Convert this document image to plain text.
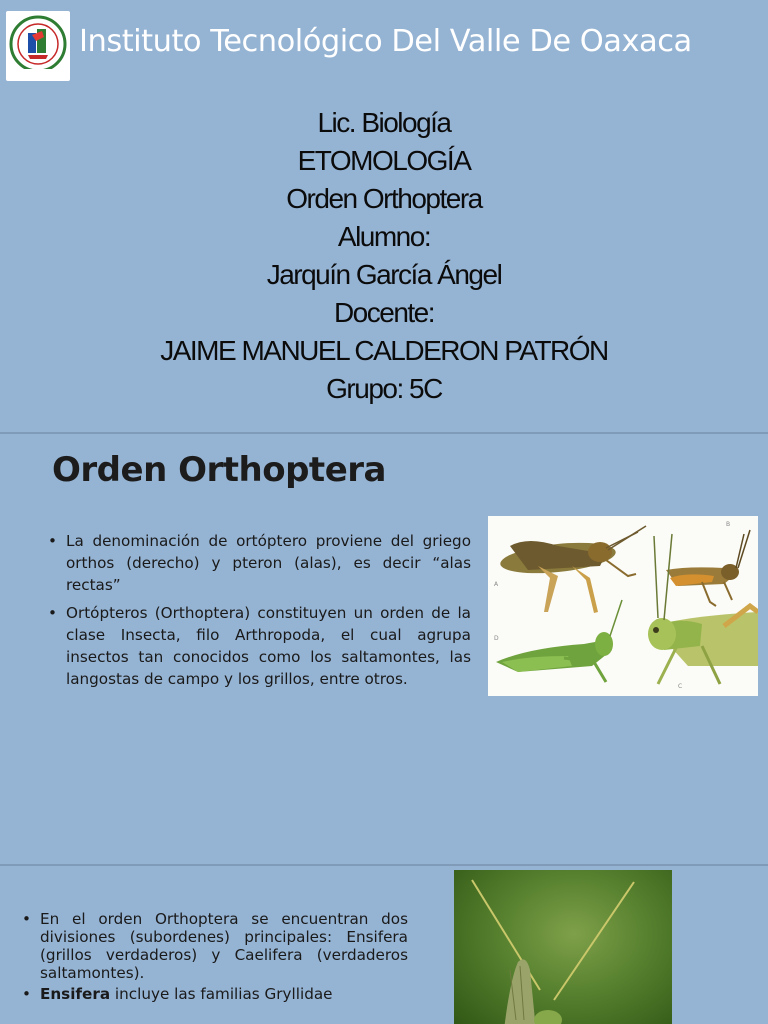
Instituto Tecnológico Del Valle De Oaxaca
Lic. Biología
ETOMOLOGÍA
Orden Orthoptera
Alumno:
Jarquín García Ángel
Docente:
JAIME MANUEL CALDERON PATRÓN
Grupo: 5C
Orden Orthoptera
• La denominación de ortóptero proviene del griego orthos (derecho) y pteron (alas), es decir “alas rectas”
• Ortópteros (Orthoptera) constituyen un orden de la clase Insecta, filo Arthropoda, el cual agrupa insectos tan conocidos como los saltamontes, las langostas de campo y los grillos, entre otros.
A
B
C
D
• En el orden Orthoptera se encuentran dos divisiones (subordenes) principales: Ensifera (grillos verdaderos) y Caelifera (verdaderos saltamontes).
• Ensifera incluye las familias Gryllidae
